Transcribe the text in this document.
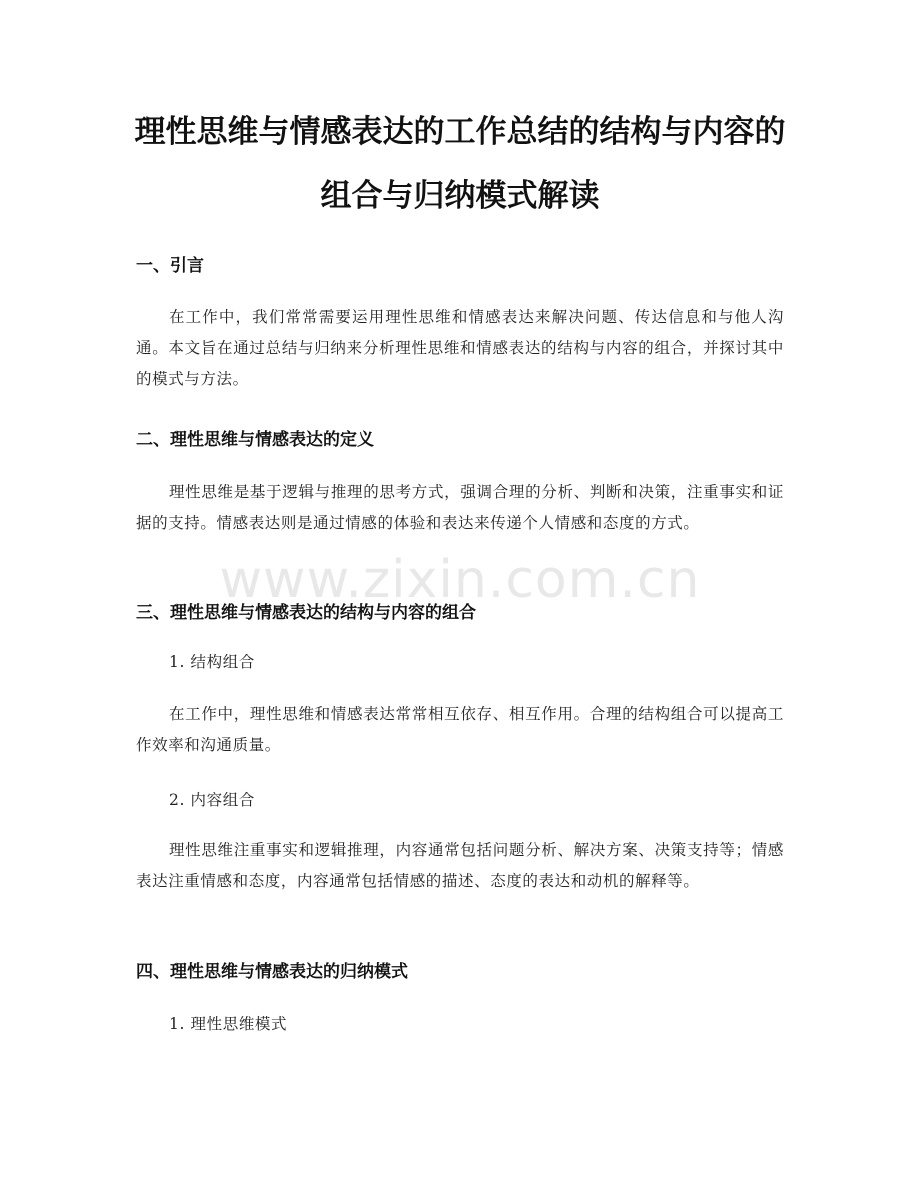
理性思维与情感表达的工作总结的结构与内容的组合与归纳模式解读
www.zixin.com.cn
一、引言

在工作中，我们常常需要运用理性思维和情感表达来解决问题、传达信息和与他人沟通。本文旨在通过总结与归纳来分析理性思维和情感表达的结构与内容的组合，并探讨其中的模式与方法。

二、理性思维与情感表达的定义

理性思维是基于逻辑与推理的思考方式，强调合理的分析、判断和决策，注重事实和证据的支持。情感表达则是通过情感的体验和表达来传递个人情感和态度的方式。

三、理性思维与情感表达的结构与内容的组合
1. 结构组合

在工作中，理性思维和情感表达常常相互依存、相互作用。合理的结构组合可以提高工作效率和沟通质量。

2. 内容组合

理性思维注重事实和逻辑推理，内容通常包括问题分析、解决方案、决策支持等；情感表达注重情感和态度，内容通常包括情感的描述、态度的表达和动机的解释等。

四、理性思维与情感表达的归纳模式
1. 理性思维模式
